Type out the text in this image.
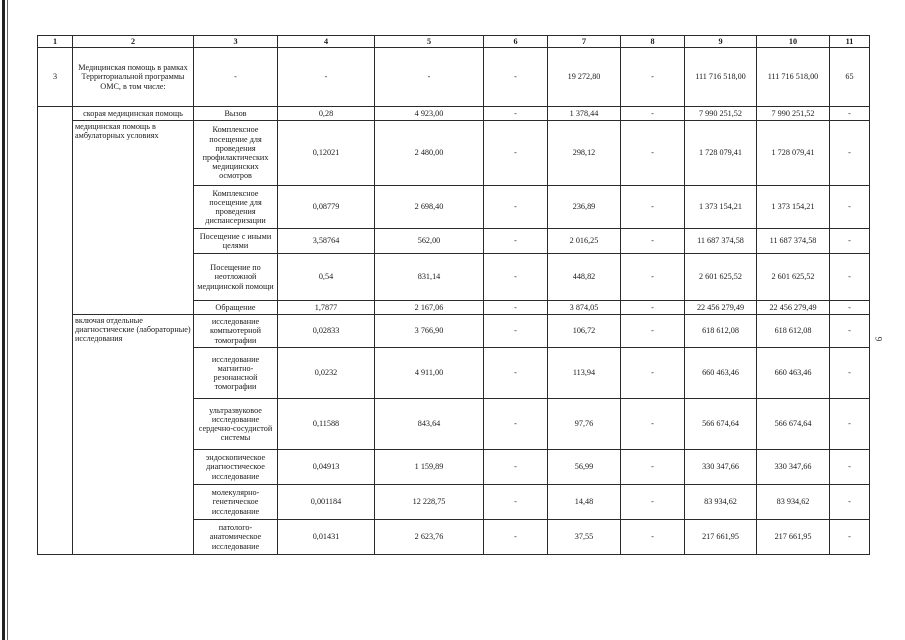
9
1	2	3	4	5	6	7	8	9	10	11
3	Медицинская помощь в рамках Территориальной программы ОМС, в том числе:	-	-	-	-	19 272,80	-	111 716 518,00	111 716 518,00	65
	скорая медицинская помощь	Вызов	0,28	4 923,00	-	1 378,44	-	7 990 251,52	7 990 251,52	-
	медицинская помощь в амбулаторных условиях	Комплексное посещение для проведения профилактических медицинских осмотров	0,12021	2 480,00	-	298,12	-	1 728 079,41	1 728 079,41	-
		Комплексное посещение для проведения диспансеризации	0,08779	2 698,40	-	236,89	-	1 373 154,21	1 373 154,21	-
		Посещение с иными целями	3,58764	562,00	-	2 016,25	-	11 687 374,58	11 687 374,58	-
		Посещение по неотложной медицинской помощи	0,54	831,14	-	448,82	-	2 601 625,52	2 601 625,52	-
		Обращение	1,7877	2 167,06	-	3 874,05	-	22 456 279,49	22 456 279,49	-
	включая отдельные диагностические (лабораторные) исследования	исследование компьютерной томографии	0,02833	3 766,90	-	106,72	-	618 612,08	618 612,08	-
		исследование магнитно-резонансной томографии	0,0232	4 911,00	-	113,94	-	660 463,46	660 463,46	-
		ультразвуковое исследование сердечно-сосудистой системы	0,11588	843,64	-	97,76	-	566 674,64	566 674,64	-
		эндоскопическое диагностическое исследование	0,04913	1 159,89	-	56,99	-	330 347,66	330 347,66	-
		молекулярно-генетическое исследование	0,001184	12 228,75	-	14,48	-	83 934,62	83 934,62	-
		патолого-анатомическое исследование	0,01431	2 623,76	-	37,55	-	217 661,95	217 661,95	-
